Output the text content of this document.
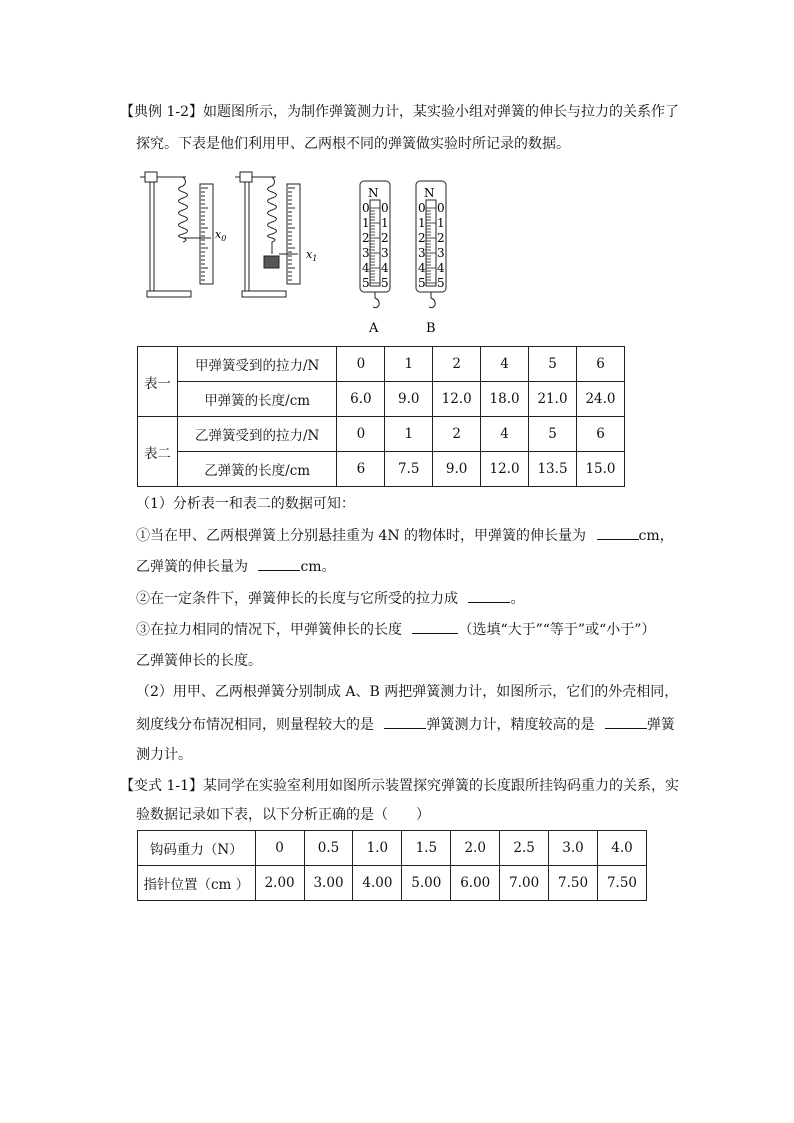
【典例 1-2】如题图所示，为制作弹簧测力计，某实验小组对弹簧的伸长与拉力的关系作了
探究。下表是他们利用甲、乙两根不同的弹簧做实验时所记录的数据。
$x_0$
$x_1$
N
0 0
1 1
2 2
3 3
4 4
5 5
N
0 0
1 1
2 2
3 3
4 4
5 5
A	B
表一	甲弹簧受到的拉力/N	0	1	2	4	5	6
	甲弹簧的长度/cm	6.0	9.0	12.0	18.0	21.0	24.0
表二	乙弹簧受到的拉力/N	0	1	2	4	5	6
	乙弹簧的长度/cm	6	7.5	9.0	12.0	13.5	15.0
（1）分析表一和表二的数据可知：
①当在甲、乙两根弹簧上分别悬挂重为 4N 的物体时，甲弹簧的伸长量为	cm，
乙弹簧的伸长量为	cm。
②在一定条件下，弹簧伸长的长度与它所受的拉力成	。
③在拉力相同的情况下，甲弹簧伸长的长度	（选填“大于”“等于”或“小于”）
乙弹簧伸长的长度。
（2）用甲、乙两根弹簧分别制成 A、B 两把弹簧测力计，如图所示，它们的外壳相同，
刻度线分布情况相同，则量程较大的是	弹簧测力计，精度较高的是	弹簧
测力计。
【变式 1-1】某同学在实验室利用如图所示装置探究弹簧的长度跟所挂钩码重力的关系，实
验数据记录如下表，以下分析正确的是（　　）
钩码重力（N）	0	0.5	1.0	1.5	2.0	2.5	3.0	4.0
指针位置（cm ）	2.00	3.00	4.00	5.00	6.00	7.00	7.50	7.50
